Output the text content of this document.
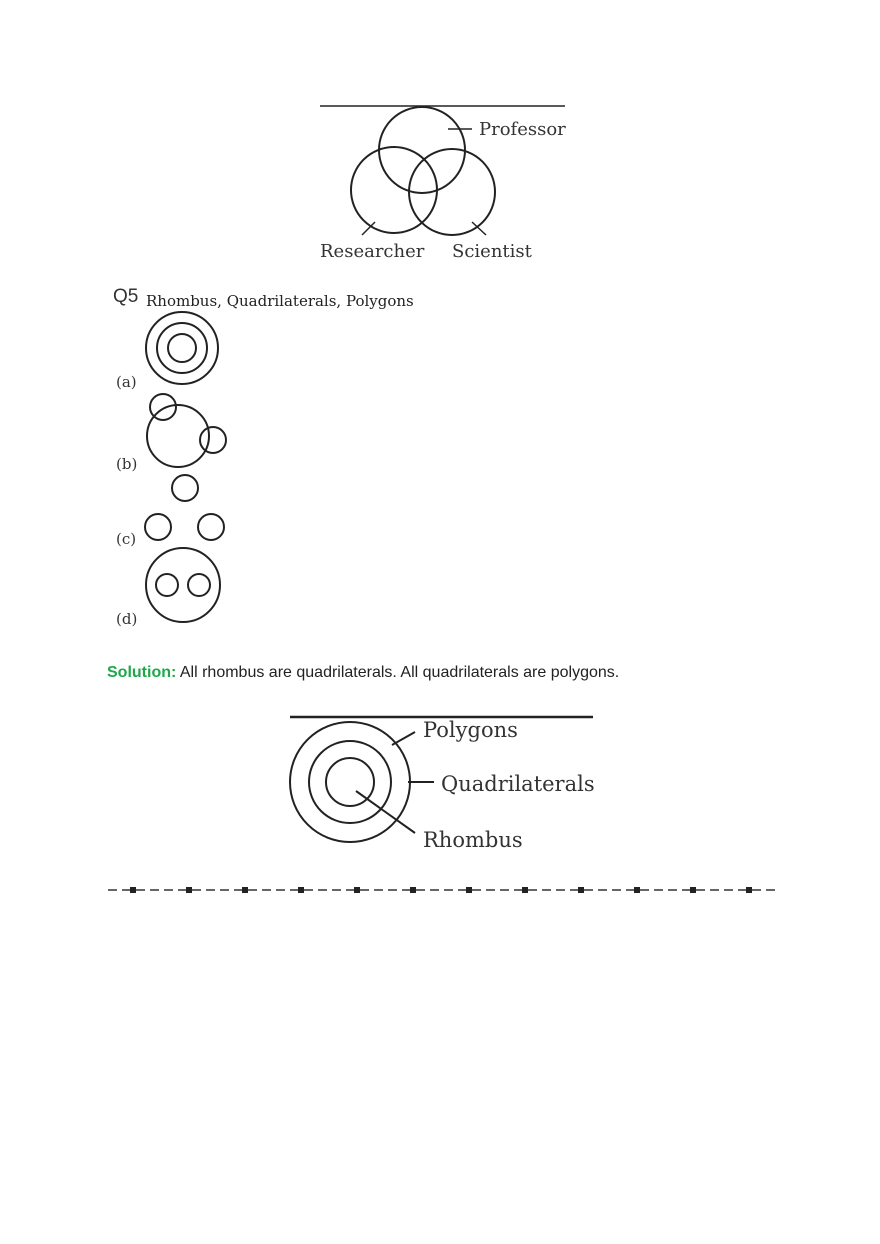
Professor
Researcher Scientist
Q5 Rhombus, Quadrilaterals, Polygons
(a)
(b)
(c)
(d)
Solution: All rhombus are quadrilaterals. All quadrilaterals are polygons.
Polygons
Quadrilaterals
Rhombus
